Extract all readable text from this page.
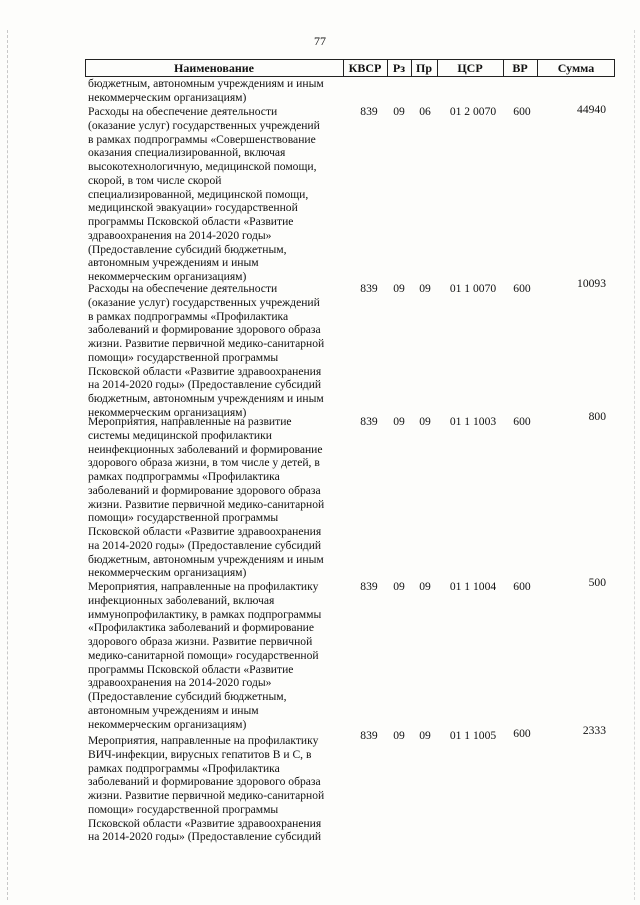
77
Наименование	КВСР Рз Пр	ЦСР	ВР	Сумма
бюджетным, автономным учреждениям и иным
некоммерческим организациям)
Расходы на обеспечение деятельности
(оказание услуг) государственных учреждений
в рамках подпрограммы «Совершенствование
оказания специализированной, включая
высокотехнологичную, медицинской помощи,
скорой, в том числе скорой
специализированной, медицинской помощи,
медицинской эвакуации» государственной
программы Псковской области «Развитие
здравоохранения на 2014-2020 годы»
(Предоставление субсидий бюджетным,
автономным учреждениям и иным
некоммерческим организациям)
839	09	06	01 2 0070	600	44940
Расходы на обеспечение деятельности
(оказание услуг) государственных учреждений
в рамках подпрограммы «Профилактика
заболеваний и формирование здорового образа
жизни. Развитие первичной медико-санитарной
помощи» государственной программы
Псковской области «Развитие здравоохранения
на 2014-2020 годы» (Предоставление субсидий
бюджетным, автономным учреждениям и иным
некоммерческим организациям)
839	09	09	01 1 0070	600	10093
Мероприятия, направленные на развитие
системы медицинской профилактики
неинфекционных заболеваний и формирование
здорового образа жизни, в том числе у детей, в
рамках подпрограммы «Профилактика
заболеваний и формирование здорового образа
жизни. Развитие первичной медико-санитарной
помощи» государственной программы
Псковской области «Развитие здравоохранения
на 2014-2020 годы» (Предоставление субсидий
бюджетным, автономным учреждениям и иным
некоммерческим организациям)
839	09	09	01 1 1003	600	800
Мероприятия, направленные на профилактику
инфекционных заболеваний, включая
иммунопрофилактику, в рамках подпрограммы
«Профилактика заболеваний и формирование
здорового образа жизни. Развитие первичной
медико-санитарной помощи» государственной
программы Псковской области «Развитие
здравоохранения на 2014-2020 годы»
(Предоставление субсидий бюджетным,
автономным учреждениям и иным
некоммерческим организациям)
839	09	09	01 1 1004	600	500
Мероприятия, направленные на профилактику
ВИЧ-инфекции, вирусных гепатитов В и С, в
рамках подпрограммы «Профилактика
заболеваний и формирование здорового образа
жизни. Развитие первичной медико-санитарной
помощи» государственной программы
Псковской области «Развитие здравоохранения
на 2014-2020 годы» (Предоставление субсидий
839	09	09	01 1 1005	600	2333
